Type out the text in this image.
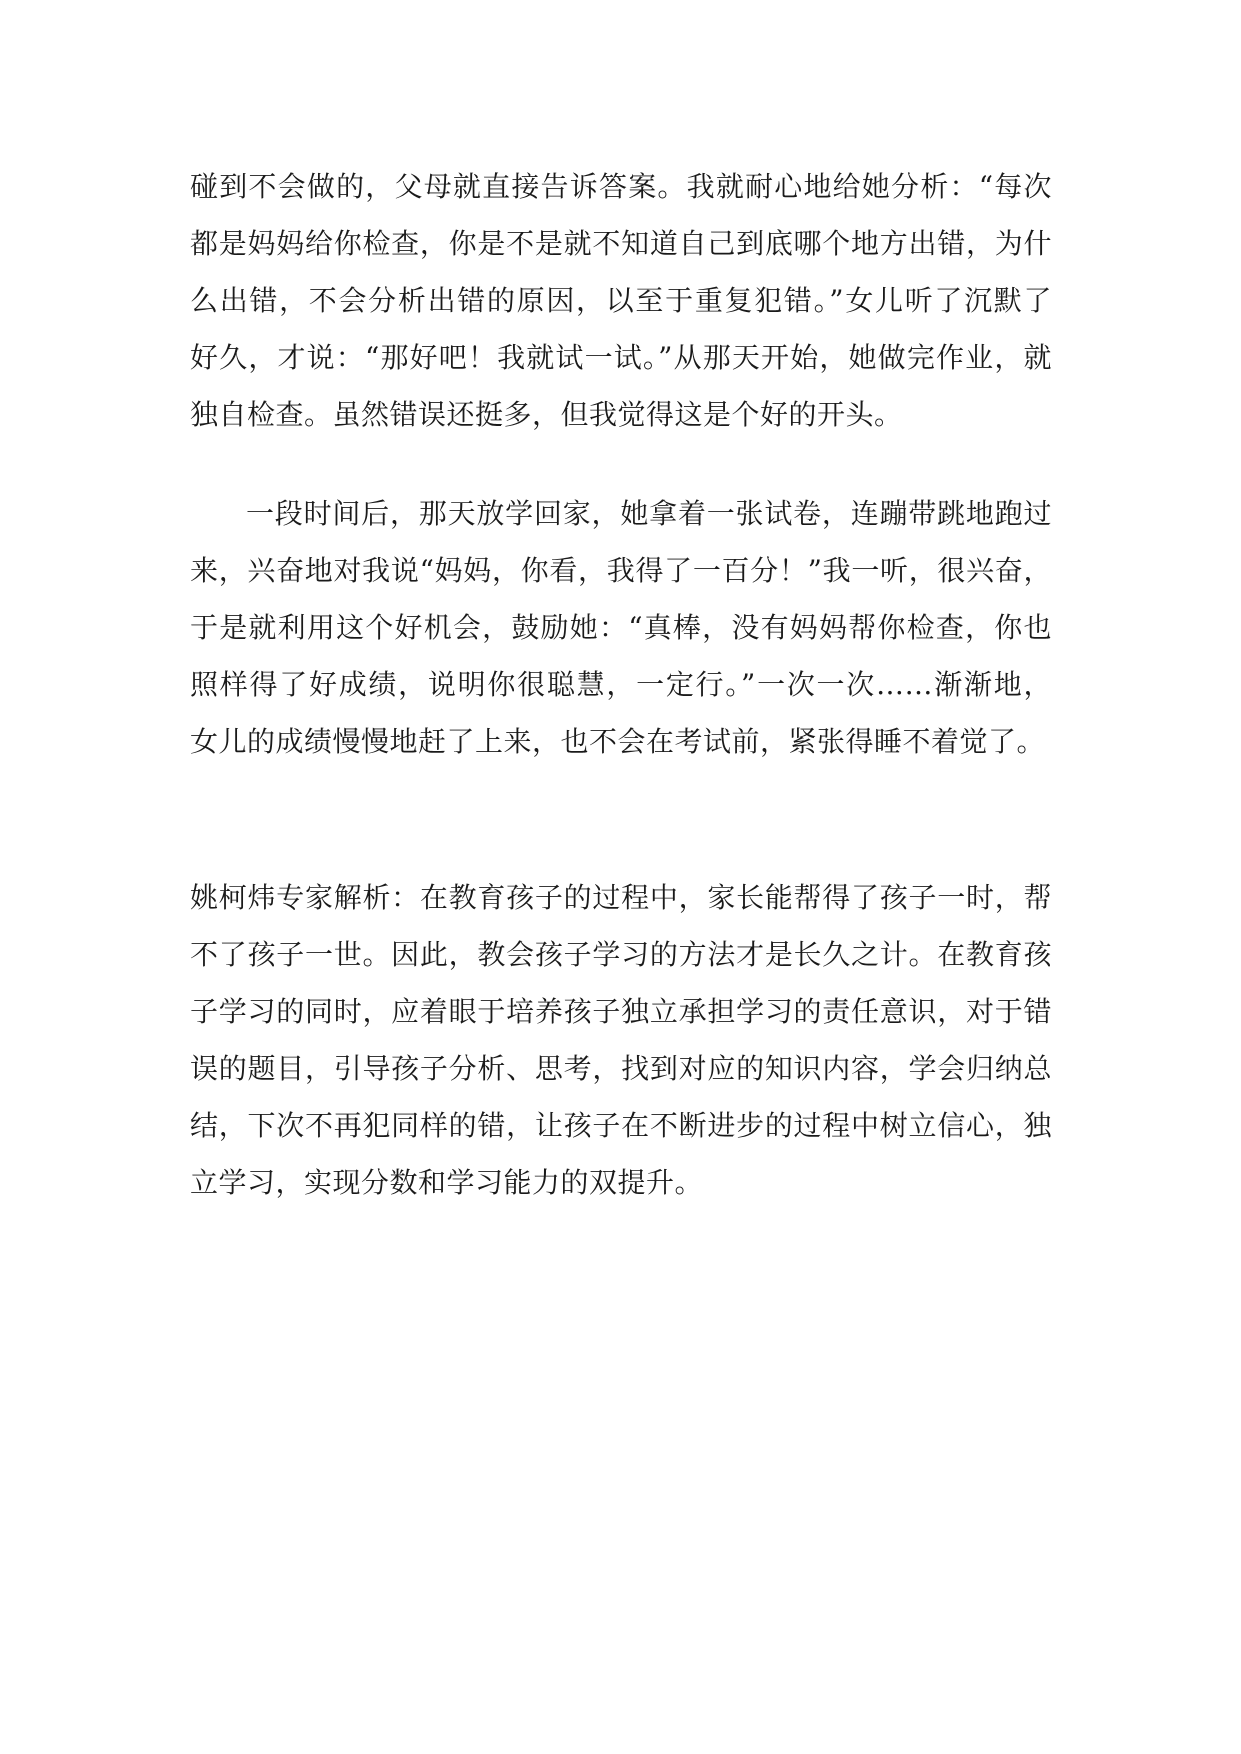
碰到不会做的，父母就直接告诉答案。我就耐心地给她分析：“每次
都是妈妈给你检查，你是不是就不知道自己到底哪个地方出错，为什
么出错，不会分析出错的原因，以至于重复犯错。”女儿听了沉默了
好久，才说：“那好吧！我就试一试。”从那天开始，她做完作业，就
独自检查。虽然错误还挺多，但我觉得这是个好的开头。
一段时间后，那天放学回家，她拿着一张试卷，连蹦带跳地跑过
来，兴奋地对我说“妈妈，你看，我得了一百分！”我一听，很兴奋，
于是就利用这个好机会，鼓励她：“真棒，没有妈妈帮你检查，你也
照样得了好成绩，说明你很聪慧，一定行。”一次一次……渐渐地，
女儿的成绩慢慢地赶了上来，也不会在考试前，紧张得睡不着觉了。
姚柯炜专家解析：在教育孩子的过程中，家长能帮得了孩子一时，帮
不了孩子一世。因此，教会孩子学习的方法才是长久之计。在教育孩
子学习的同时，应着眼于培养孩子独立承担学习的责任意识，对于错
误的题目，引导孩子分析、思考，找到对应的知识内容，学会归纳总
结，下次不再犯同样的错，让孩子在不断进步的过程中树立信心，独
立学习，实现分数和学习能力的双提升。
